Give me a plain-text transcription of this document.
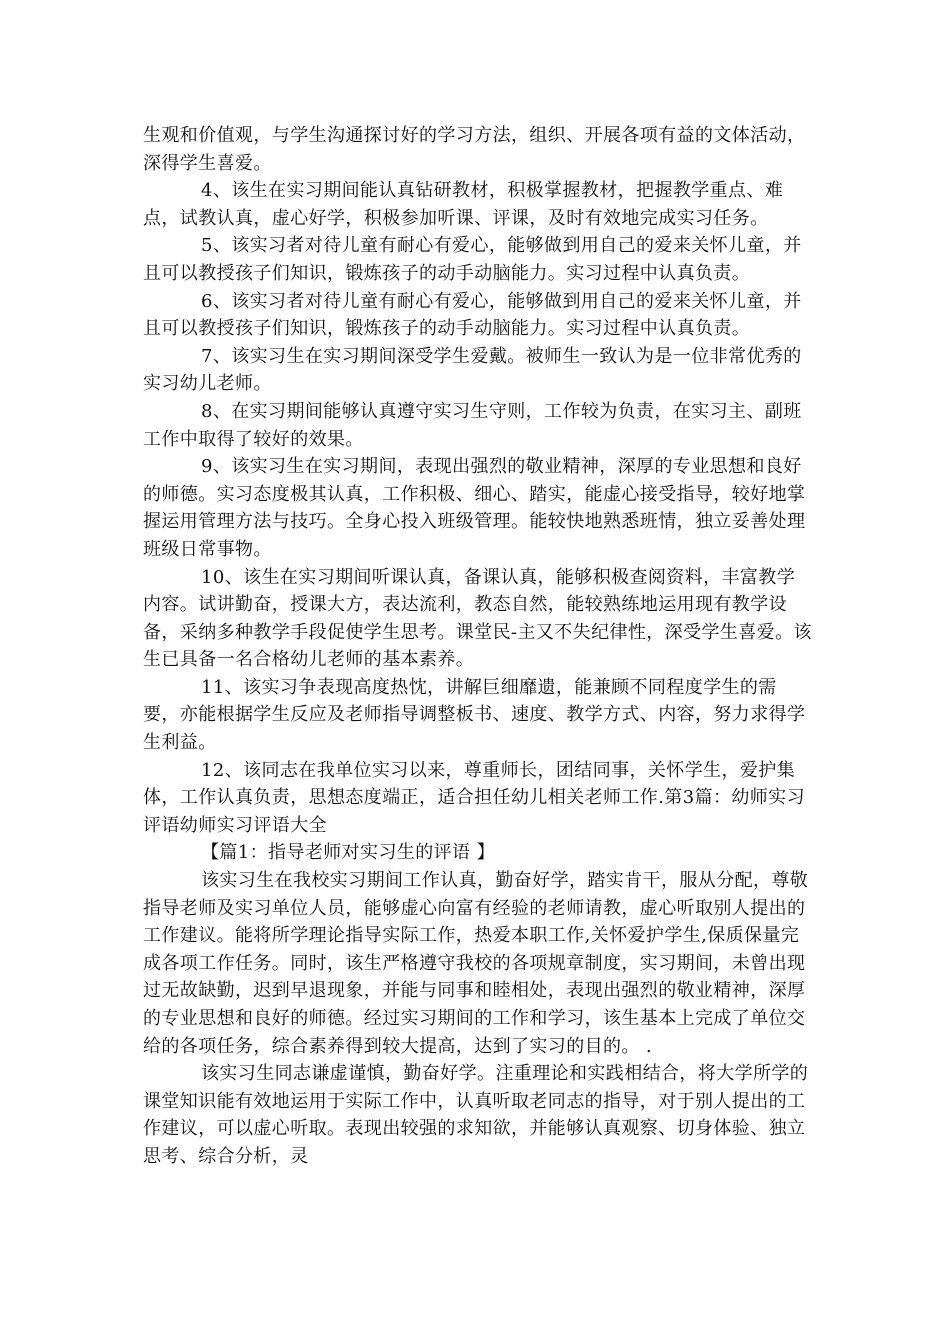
生观和价值观，与学生沟通探讨好的学习方法，组织、开展各项有益的文体活动，深得学生喜爱。

4、该生在实习期间能认真钻研教材，积极掌握教材，把握教学重点、难点，试教认真，虚心好学，积极参加听课、评课，及时有效地完成实习任务。

5、该实习者对待儿童有耐心有爱心，能够做到用自己的爱来关怀儿童，并且可以教授孩子们知识，锻炼孩子的动手动脑能力。实习过程中认真负责。

6、该实习者对待儿童有耐心有爱心，能够做到用自己的爱来关怀儿童，并且可以教授孩子们知识，锻炼孩子的动手动脑能力。实习过程中认真负责。

7、该实习生在实习期间深受学生爱戴。被师生一致认为是一位非常优秀的实习幼儿老师。

8、在实习期间能够认真遵守实习生守则，工作较为负责，在实习主、副班工作中取得了较好的效果。

9、该实习生在实习期间，表现出强烈的敬业精神，深厚的专业思想和良好的师德。实习态度极其认真，工作积极、细心、踏实，能虚心接受指导，较好地掌握运用管理方法与技巧。全身心投入班级管理。能较快地熟悉班情，独立妥善处理班级日常事物。

10、该生在实习期间听课认真，备课认真，能够积极查阅资料，丰富教学内容。试讲勤奋，授课大方，表达流利，教态自然，能较熟练地运用现有教学设备，采纳多种教学手段促使学生思考。课堂民-主又不失纪律性，深受学生喜爱。该生已具备一名合格幼儿老师的基本素养。

11、该实习争表现高度热忱，讲解巨细靡遗，能兼顾不同程度学生的需要，亦能根据学生反应及老师指导调整板书、速度、教学方式、内容，努力求得学生利益。

12、该同志在我单位实习以来，尊重师长，团结同事，关怀学生，爱护集体，工作认真负责，思想态度端正，适合担任幼儿相关老师工作.第3篇：幼师实习评语幼师实习评语大全

【篇1：指导老师对实习生的评语 】

该实习生在我校实习期间工作认真，勤奋好学，踏实肯干，服从分配，尊敬指导老师及实习单位人员，能够虚心向富有经验的老师请教，虚心听取别人提出的工作建议。能将所学理论指导实际工作，热爱本职工作,关怀爱护学生,保质保量完成各项工作任务。同时，该生严格遵守我校的各项规章制度，实习期间，未曾出现过无故缺勤，迟到早退现象，并能与同事和睦相处，表现出强烈的敬业精神，深厚的专业思想和良好的师德。经过实习期间的工作和学习，该生基本上完成了单位交给的各项任务，综合素养得到较大提高，达到了实习的目的。 .

该实习生同志谦虚谨慎，勤奋好学。注重理论和实践相结合，将大学所学的课堂知识能有效地运用于实际工作中，认真听取老同志的指导，对于别人提出的工作建议，可以虚心听取。表现出较强的求知欲，并能够认真观察、切身体验、独立思考、综合分析，灵
